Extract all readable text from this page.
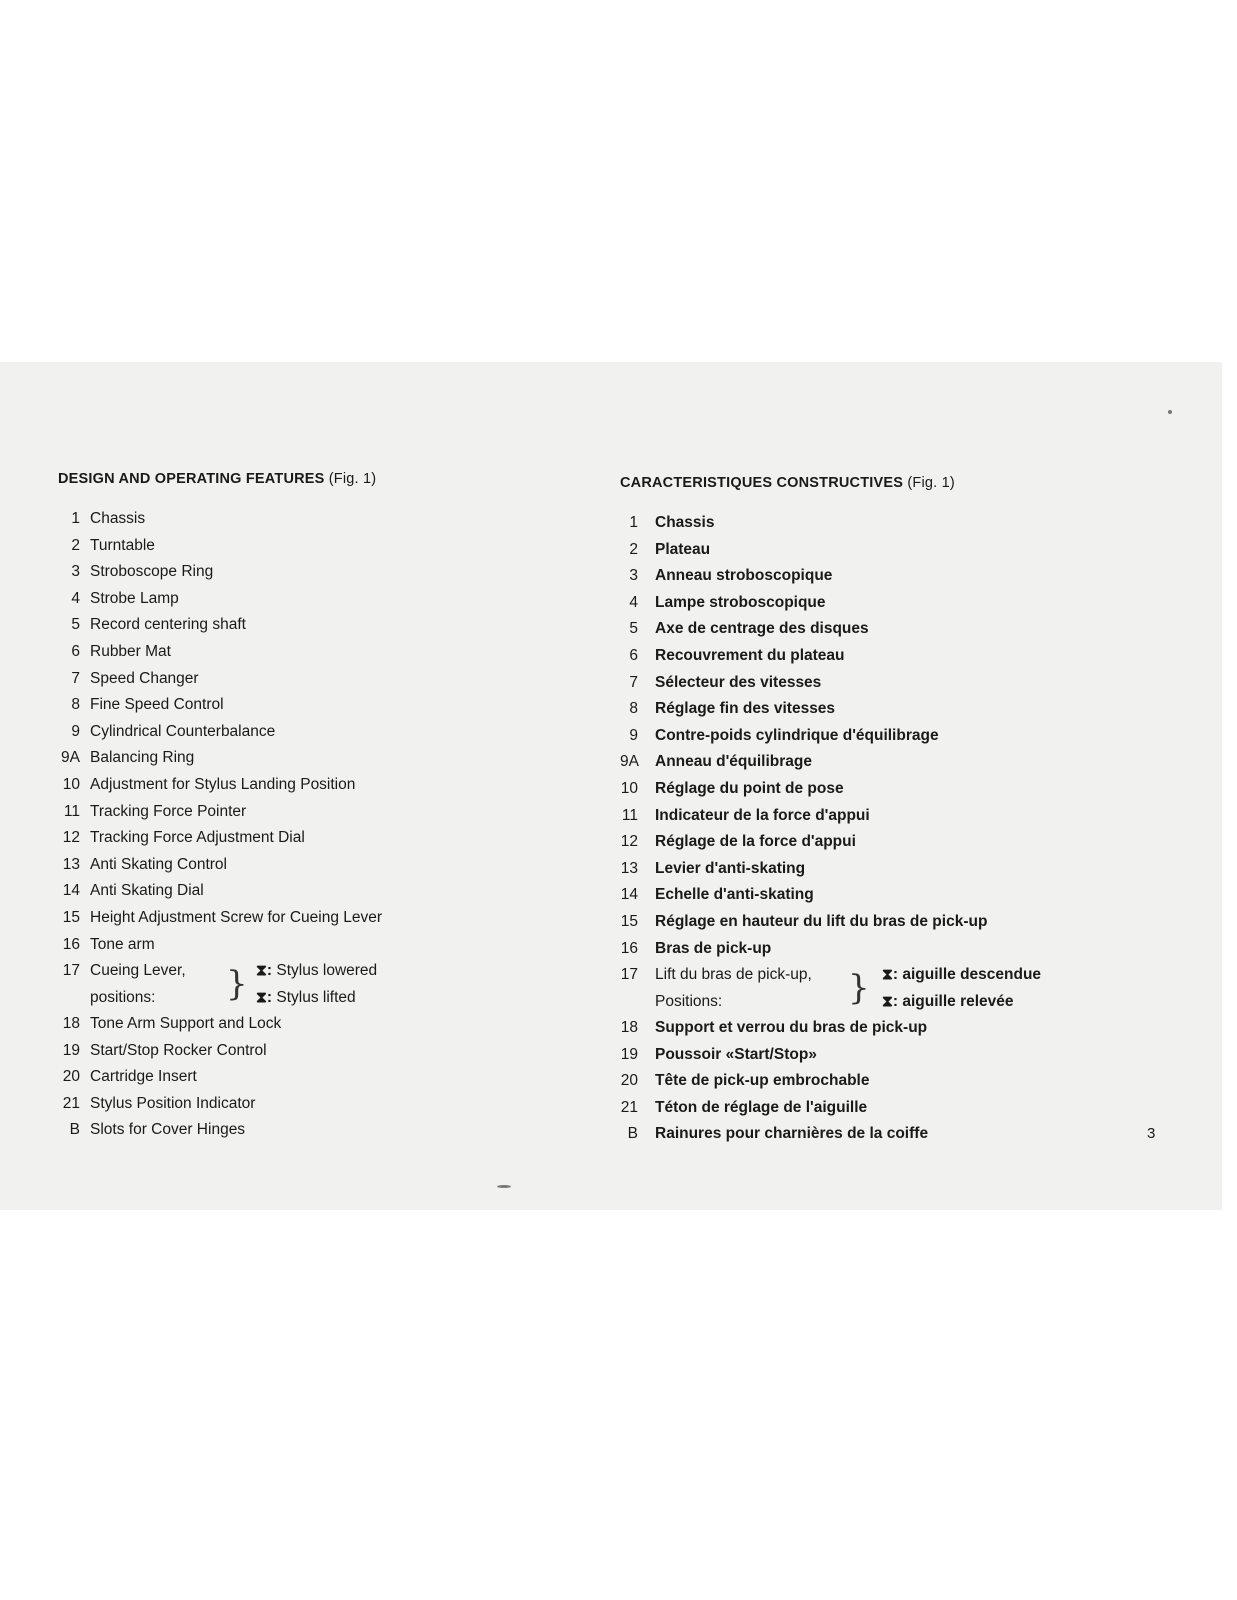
DESIGN AND OPERATING FEATURES (Fig. 1)
1 Chassis
2 Turntable
3 Stroboscope Ring
4 Strobe Lamp
5 Record centering shaft
6 Rubber Mat
7 Speed Changer
8 Fine Speed Control
9 Cylindrical Counterbalance
9A Balancing Ring
10 Adjustment for Stylus Landing Position
11 Tracking Force Pointer
12 Tracking Force Adjustment Dial
13 Anti Skating Control
14 Anti Skating Dial
15 Height Adjustment Screw for Cueing Lever
16 Tone arm
17 Cueing Lever,
positions: } ⧗: Stylus lowered
⧗: Stylus lifted
18 Tone Arm Support and Lock
19 Start/Stop Rocker Control
20 Cartridge Insert
21 Stylus Position Indicator
B Slots for Cover Hinges
CARACTERISTIQUES CONSTRUCTIVES (Fig. 1)
1 Chassis
2 Plateau
3 Anneau stroboscopique
4 Lampe stroboscopique
5 Axe de centrage des disques
6 Recouvrement du plateau
7 Sélecteur des vitesses
8 Réglage fin des vitesses
9 Contre-poids cylindrique d'équilibrage
9A Anneau d'équilibrage
10 Réglage du point de pose
11 Indicateur de la force d'appui
12 Réglage de la force d'appui
13 Levier d'anti-skating
14 Echelle d'anti-skating
15 Réglage en hauteur du lift du bras de pick-up
16 Bras de pick-up
17 Lift du bras de pick-up,
Positions:	} ⧗: aiguille descendue
⧗: aiguille relevée
18 Support et verrou du bras de pick-up
19 Poussoir «Start/Stop»
20 Tête de pick-up embrochable
21 Téton de réglage de l'aiguille
B Rainures pour charnières de la coiffe	3
